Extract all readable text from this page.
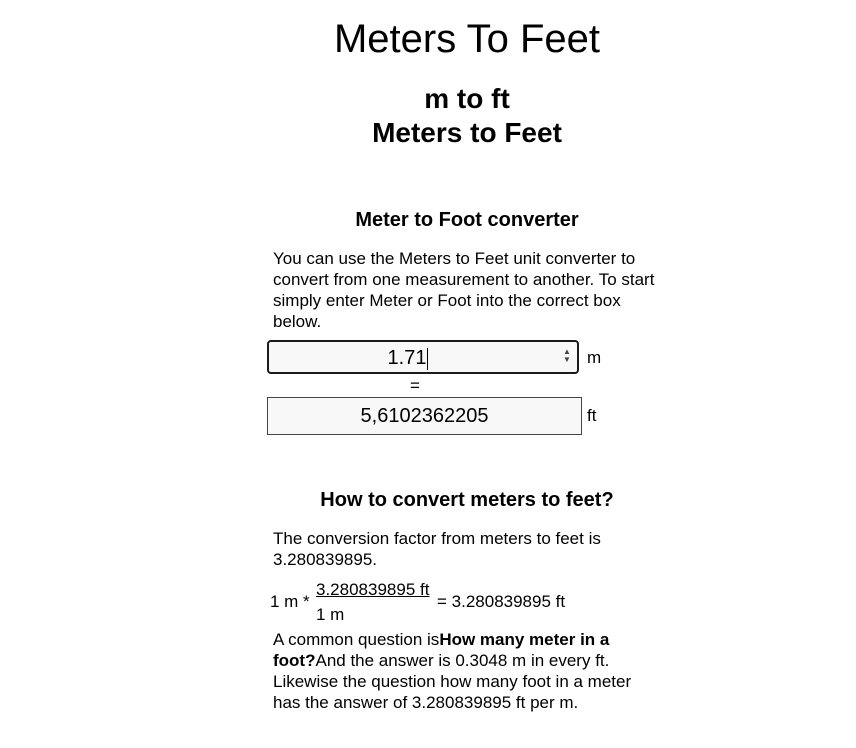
Meters To Feet
m to ft
Meters to Feet
Meter to Foot converter

You can use the Meters to Feet unit converter to convert from one measurement to another. To start simply enter Meter or Foot into the correct box below.

1.71	▲
▼ m
=
5,6102362205	ft
How to convert meters to feet?

The conversion factor from meters to feet is 3.280839895.

1 $m * \frac{3.280839895 ft}{1 m} = 3.280839895$ ft

A common question isHow many meter in a foot?And the answer is 0.3048 m in every ft. Likewise the question how many foot in a meter has the answer of 3.280839895 ft per m.
